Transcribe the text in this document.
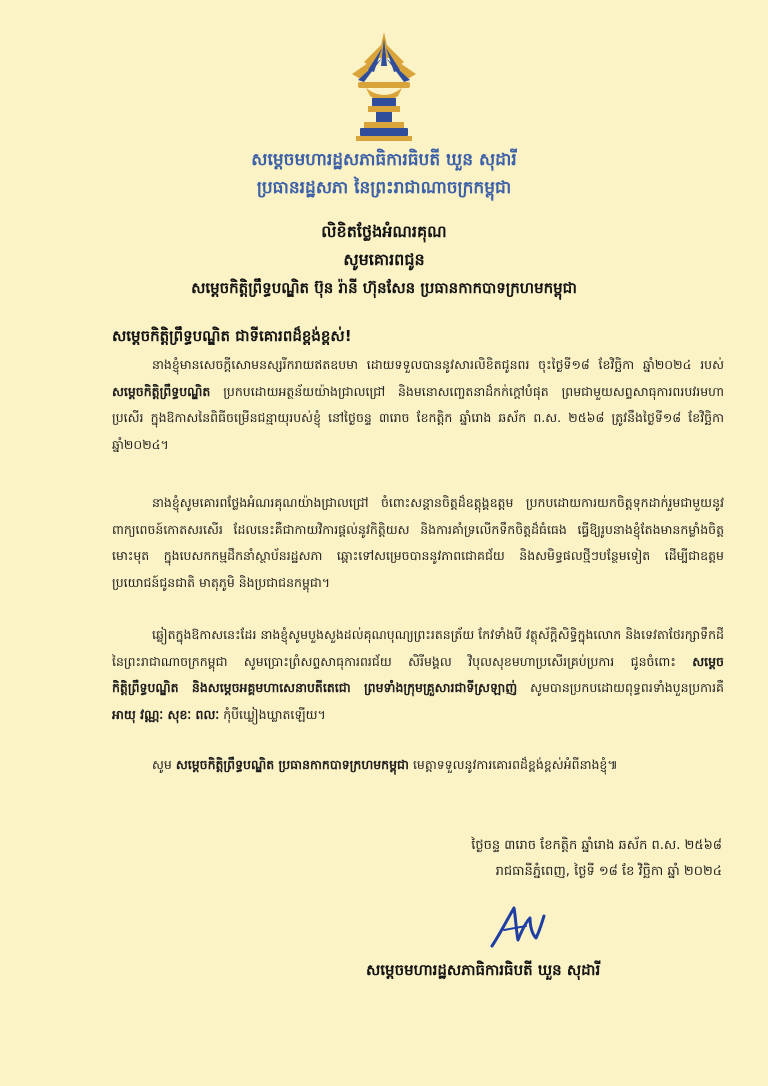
សម្ដេចមហារដ្ឋសភាធិការធិបតី ឃួន សុដារី
ប្រធានរដ្ឋសភា នៃព្រះរាជាណាចក្រកម្ពុជា
លិខិតថ្លែងអំណរគុណ
សូមគោរពជូន
សម្ដេចកិត្តិព្រឹទ្ធបណ្ឌិត ប៊ុន រ៉ានី ហ៊ុនសែន ប្រធានកាកបាទក្រហមកម្ពុជា
សម្ដេចកិត្តិព្រឹទ្ធបណ្ឌិត ជាទីគោរពដ៏ខ្ពង់ខ្ពស់!

នាងខ្ញុំមានសេចក្ដីសោមនស្សរីករាយឥតឧបមា ដោយទទួលបាននូវសារលិខិតជូនពរ ចុះថ្ងៃទី១៨ ខែវិច្ឆិកា ឆ្នាំ២០២៤ របស់ សម្ដេចកិត្តិព្រឹទ្ធបណ្ឌិត ប្រកបដោយអត្ថន័យយ៉ាងជ្រាលជ្រៅ និងមនោសញ្ចេតនាដ៏កក់ក្ដៅបំផុត ព្រមជាមួយសព្ទសាធុការពរបវរមហាប្រសើរ ក្នុងឱកាសនៃពិធីចម្រើនជន្មាយុរបស់ខ្ញុំ នៅថ្ងៃចន្ទ ៣រោច ខែកត្ដិក ឆ្នាំរោង ឆស័ក ព.ស. ២៥៦៨ ត្រូវនឹងថ្ងៃទី១៨ ខែវិច្ឆិកា ឆ្នាំ២០២៤។

នាងខ្ញុំសូមគោរពថ្លែងអំណរគុណយ៉ាងជ្រាលជ្រៅ ចំពោះសន្ដានចិត្តដ៏ឧត្តុង្គឧត្តម ប្រកបដោយការយកចិត្តទុកដាក់រួមជាមួយនូវពាក្យពេចន៍កោតសរសើរ ដែលនេះគឺជាកាយវិការផ្ដល់នូវកិត្តិយស និងការគាំទ្រលើកទឹកចិត្តដ៏ធំធេង ធ្វើឱ្យរូបនាងខ្ញុំតែងមានកម្លាំងចិត្តមោះមុត ក្នុងបេសកកម្មដឹកនាំស្ថាប័នរដ្ឋសភា ឆ្ពោះទៅសម្រេចបាននូវភាពជោគជ័យ និងសមិទ្ធផលថ្មីៗបន្ថែមទៀត ដើម្បីជាឧត្តមប្រយោជន៍ជូនជាតិ មាតុភូមិ និងប្រជាជនកម្ពុជា។

ឆ្លៀតក្នុងឱកាសនេះដែរ នាងខ្ញុំសូមបួងសួងដល់គុណបុណ្យព្រះរតនត្រ័យ កែវទាំងបី វត្ថុស័ក្ដិសិទ្ធិក្នុងលោក និងទេវតាថែរក្សាទឹកដីនៃព្រះរាជាណាចក្រកម្ពុជា សូមប្រោះព្រំសព្ទសាធុការពរជ័យ សិរីមង្គល វិបុលសុខមហាប្រសើរគ្រប់ប្រការ ជូនចំពោះ សម្ដេចកិត្តិព្រឹទ្ធបណ្ឌិត និងសម្ដេចអគ្គមហាសេនាបតីតេជោ ព្រមទាំងក្រុមគ្រួសារជាទីស្រឡាញ់ សូមបានប្រកបដោយពុទ្ធពរទាំងបួនប្រការគឺ អាយុ វណ្ណៈ សុខៈ ពលៈ កុំបីឃ្លៀងឃ្លាតឡើយ។

សូម សម្ដេចកិត្តិព្រឹទ្ធបណ្ឌិត ប្រធានកាកបាទក្រហមកម្ពុជា មេត្តាទទួលនូវការគោរពដ៏ខ្ពង់ខ្ពស់អំពីនាងខ្ញុំ៕

ថ្ងៃចន្ទ ៣រោច ខែកត្ដិក ឆ្នាំរោង ឆស័ក ព.ស. ២៥៦៨
រាជធានីភ្នំពេញ, ថ្ងៃទី ១៨ ខែ វិច្ឆិកា ឆ្នាំ ២០២៤
សម្ដេចមហារដ្ឋសភាធិការធិបតី ឃួន សុដារី
